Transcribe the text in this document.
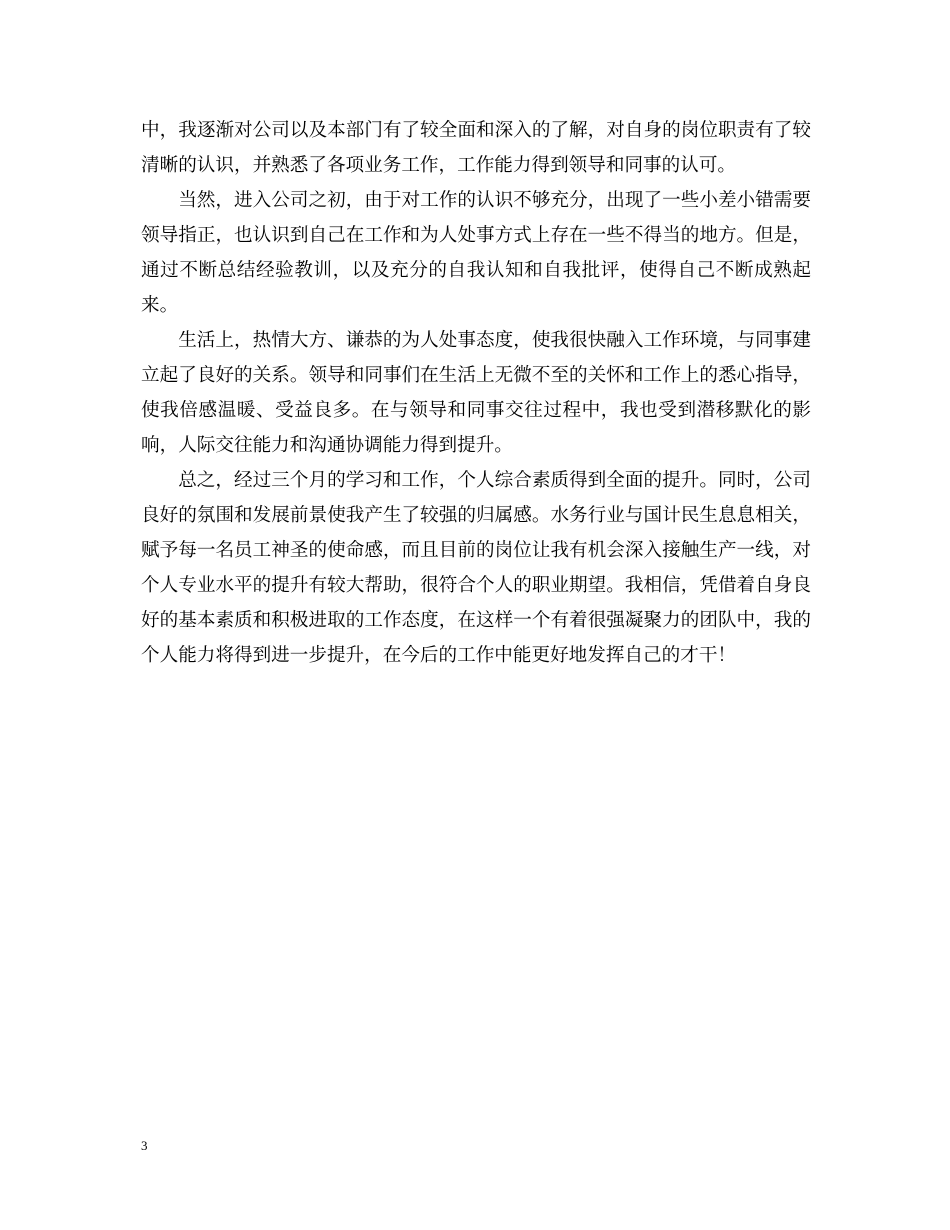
中，我逐渐对公司以及本部门有了较全面和深入的了解，对自身的岗位职责有了较清晰的认识，并熟悉了各项业务工作，工作能力得到领导和同事的认可。

当然，进入公司之初，由于对工作的认识不够充分，出现了一些小差小错需要领导指正，也认识到自己在工作和为人处事方式上存在一些不得当的地方。但是，通过不断总结经验教训，以及充分的自我认知和自我批评，使得自己不断成熟起来。

生活上，热情大方、谦恭的为人处事态度，使我很快融入工作环境，与同事建立起了良好的关系。领导和同事们在生活上无微不至的关怀和工作上的悉心指导，使我倍感温暖、受益良多。在与领导和同事交往过程中，我也受到潜移默化的影响，人际交往能力和沟通协调能力得到提升。

总之，经过三个月的学习和工作，个人综合素质得到全面的提升。同时，公司良好的氛围和发展前景使我产生了较强的归属感。水务行业与国计民生息息相关，赋予每一名员工神圣的使命感，而且目前的岗位让我有机会深入接触生产一线，对个人专业水平的提升有较大帮助，很符合个人的职业期望。我相信，凭借着自身良好的基本素质和积极进取的工作态度，在这样一个有着很强凝聚力的团队中，我的个人能力将得到进一步提升，在今后的工作中能更好地发挥自己的才干！

3
